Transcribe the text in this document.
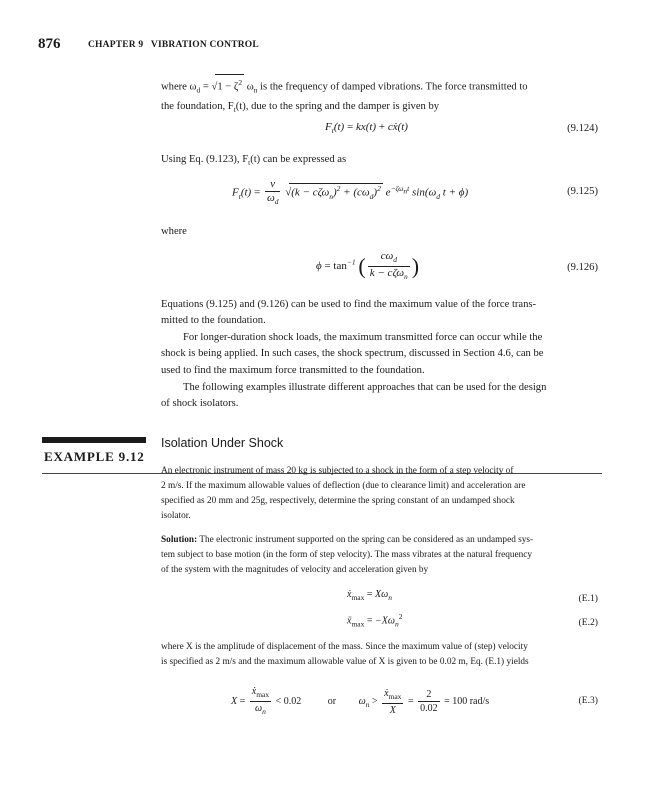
876	CHAPTER 9   VIBRATION CONTROL
where $\omega_d = √1 - \zeta^2$ $\omega_n$ is the frequency of damped vibrations. The force transmitted to
the foundation, $F_t(t)$, due to the spring and the damper is given by
$F_t(t) = kx(t)$ + cẋ(t)	(9.124)
Using Eq. (9.123), $F_t(t)$ can be expressed as
$F_t(t) = \frac{v}{\omega_d} √(k - c\zeta\omega_n)^2 + (c\omega_d)^2$ $e^{-\zeta\omega_nt}$ $\sin(\omega_d$ t + ϕ)	(9.125)
where
$\phi = \tan^{-1}$ ( $\frac{c\omega_d}{k - c\zeta\omega_n}$ )	(9.126)
Equations (9.125) and (9.126) can be used to find the maximum value of the force trans-
mitted to the foundation.
For longer-duration shock loads, the maximum transmitted force can occur while the
shock is being applied. In such cases, the shock spectrum, discussed in Section 4.6, can be
used to find the maximum force transmitted to the foundation.
The following examples illustrate different approaches that can be used for the design
of shock isolators.
EXAMPLE 9.12
Isolation Under Shock
An electronic instrument of mass 20 kg is subjected to a shock in the form of a step velocity of
2 m/s. If the maximum allowable values of deflection (due to clearance limit) and acceleration are
specified as 20 mm and 25g, respectively, determine the spring constant of an undamped shock
isolator.
Solution: The electronic instrument supported on the spring can be considered as an undamped sys-
tem subject to base motion (in the form of step velocity). The mass vibrates at the natural frequency
of the system with the magnitudes of velocity and acceleration given by
ẋ$_{max}$ = $X\omega_n$	(E.1)
ẍ$_{max}$ = $-X\omega_n^2$
(E.2)
where X is the amplitude of displacement of the mass. Since the maximum value of (step) velocity
is specified as 2 m/s and the maximum allowable value of X is given to be 0.02 m, Eq. (E.1) yields
$X = \frac{ẋ_{max}}{\omega_n} < 0.02$	or $\omega_n > \frac{ẋ_{max}}{X} = \frac{2}{0.02} = 100$ rad/s	(E.3)
